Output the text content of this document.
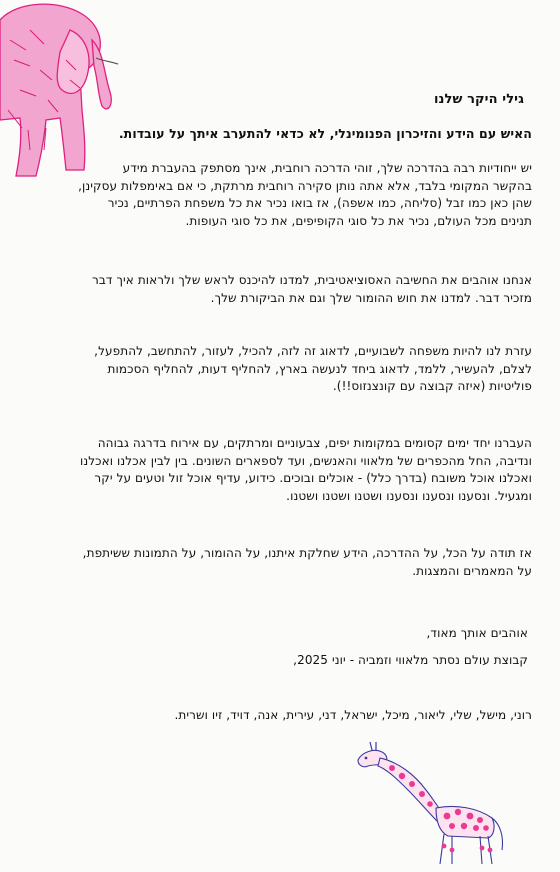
גילי היקר שלנו
האיש עם הידע והזיכרון הפנומינלי, לא כדאי להתערב איתך על עובדות.
יש ייחודיות רבה בהדרכה שלך, זוהי הדרכה רוחבית, אינך מסתפק בהעברת מידע
בהקשר המקומי בלבד, אלא אתה נותן סקירה רוחבית מרתקת, כי אם באימפלות עסקינן,
שהן כאן כמו זבל (סליחה, כמו אשפה), אז בואו נכיר את כל משפחת הפרתיים, נכיר
תנינים מכל העולם, נכיר את כל סוגי הקופיפים, את כל סוגי העופות.
אנחנו אוהבים את החשיבה האסוציאטיבית, למדנו להיכנס לראש שלך ולראות איך דבר
מזכיר דבר. למדנו את חוש ההומור שלך וגם את הביקורת שלך.
עזרת לנו להיות משפחה לשבועיים, לדאוג זה לזה, להכיל, לעזור, להתחשב, להתפעל,
לצלם, להעשיר, ללמד, לדאוג ביחד לנעשה בארץ, להחליף דעות, להחליף הסכמות
פוליטיות (איזה קבוצה עם קונצנזוס!!).
העברנו יחד ימים קסומים במקומות יפים, צבעוניים ומרתקים, עם אירוח בדרגה גבוהה
ונדיבה, החל מהכפרים של מלאווי והאנשים, ועד לספארים השונים. בין לבין אכלנו ואכלנו
ואכלנו אוכל משובח (בדרך כלל) - אוכלים ובוכים. כידוע, עדיף אוכל זול וטעים על יקר
ומגעיל. ונסענו ונסענו ונסענו ושטנו ושטנו ושטנו.
אז תודה על הכל, על ההדרכה, הידע שחלקת איתנו, על ההומור, על התמונות ששיתפת,
על המאמרים והמצגות.
אוהבים אותך מאוד,
קבוצת עולם נסתר מלאווי וזמביה - יוני 2025,
רוני, מישל, שלי, ליאור, מיכל, ישראל, דני, עירית, אנה, דויד, זיו ושרית.
